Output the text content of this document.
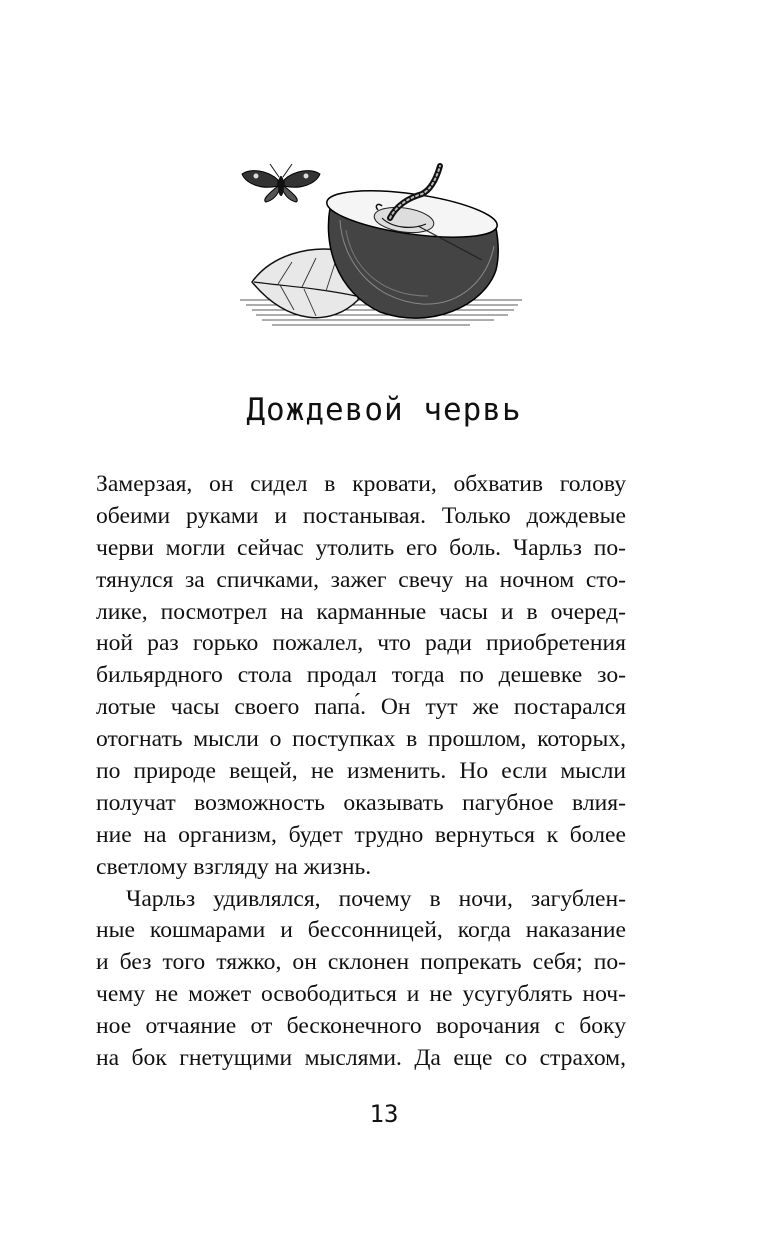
Дождевой червь
Замерзая, он сидел в кровати, обхватив голову
обеими руками и постанывая. Только дождевые
черви могли сейчас утолить его боль. Чарльз по-
тянулся за спичками, зажег свечу на ночном сто-
лике, посмотрел на карманные часы и в очеред-
ной раз горько пожалел, что ради приобретения
бильярдного стола продал тогда по дешевке зо-
лотые часы своего папа́. Он тут же постарался
отогнать мысли о поступках в прошлом, которых,
по природе вещей, не изменить. Но если мысли
получат возможность оказывать пагубное влия-
ние на организм, будет трудно вернуться к более
светлому взгляду на жизнь.
Чарльз удивлялся, почему в ночи, загублен-
ные кошмарами и бессонницей, когда наказание
и без того тяжко, он склонен попрекать себя; по-
чему не может освободиться и не усугублять ноч-
ное отчаяние от бесконечного ворочания с боку
на бок гнетущими мыслями. Да еще со страхом,
13
